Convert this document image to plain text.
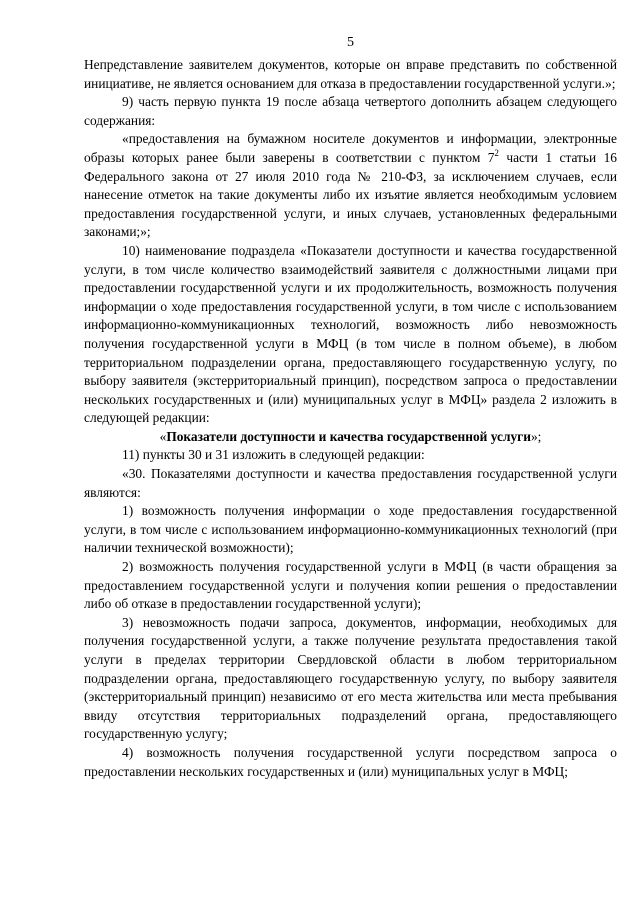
5

Непредставление заявителем документов, которые он вправе представить по собственной инициативе, не является основанием для отказа в предоставлении государственной услуги.»;

9) часть первую пункта 19 после абзаца четвертого дополнить абзацем следующего содержания:

«предоставления на бумажном носителе документов и информации, электронные образы которых ранее были заверены в соответствии с пунктом $7^2$ части 1 статьи 16 Федерального закона от 27 июля 2010 года № 210-ФЗ, за исключением случаев, если нанесение отметок на такие документы либо их изъятие является необходимым условием предоставления государственной услуги, и иных случаев, установленных федеральными законами;»;

10) наименование подраздела «Показатели доступности и качества государственной услуги, в том числе количество взаимодействий заявителя с должностными лицами при предоставлении государственной услуги и их продолжительность, возможность получения информации о ходе предоставления государственной услуги, в том числе с использованием информационно-коммуникационных технологий, возможность либо невозможность получения государственной услуги в МФЦ (в том числе в полном объеме), в любом территориальном подразделении органа, предоставляющего государственную услугу, по выбору заявителя (экстерриториальный принцип), посредством запроса о предоставлении нескольких государственных и (или) муниципальных услуг в МФЦ» раздела 2 изложить в следующей редакции:

«Показатели доступности и качества государственной услуги»;

11) пункты 30 и 31 изложить в следующей редакции:

«30. Показателями доступности и качества предоставления государственной услуги являются:

1) возможность получения информации о ходе предоставления государственной услуги, в том числе с использованием информационно-коммуникационных технологий (при наличии технической возможности);

2) возможность получения государственной услуги в МФЦ (в части обращения за предоставлением государственной услуги и получения копии решения о предоставлении либо об отказе в предоставлении государственной услуги);

3) невозможность подачи запроса, документов, информации, необходимых для получения государственной услуги, а также получение результата предоставления такой услуги в пределах территории Свердловской области в любом территориальном подразделении органа, предоставляющего государственную услугу, по выбору заявителя (экстерриториальный принцип) независимо от его места жительства или места пребывания ввиду отсутствия территориальных подразделений органа, предоставляющего государственную услугу;

4) возможность получения государственной услуги посредством запроса о предоставлении нескольких государственных и (или) муниципальных услуг в МФЦ;
